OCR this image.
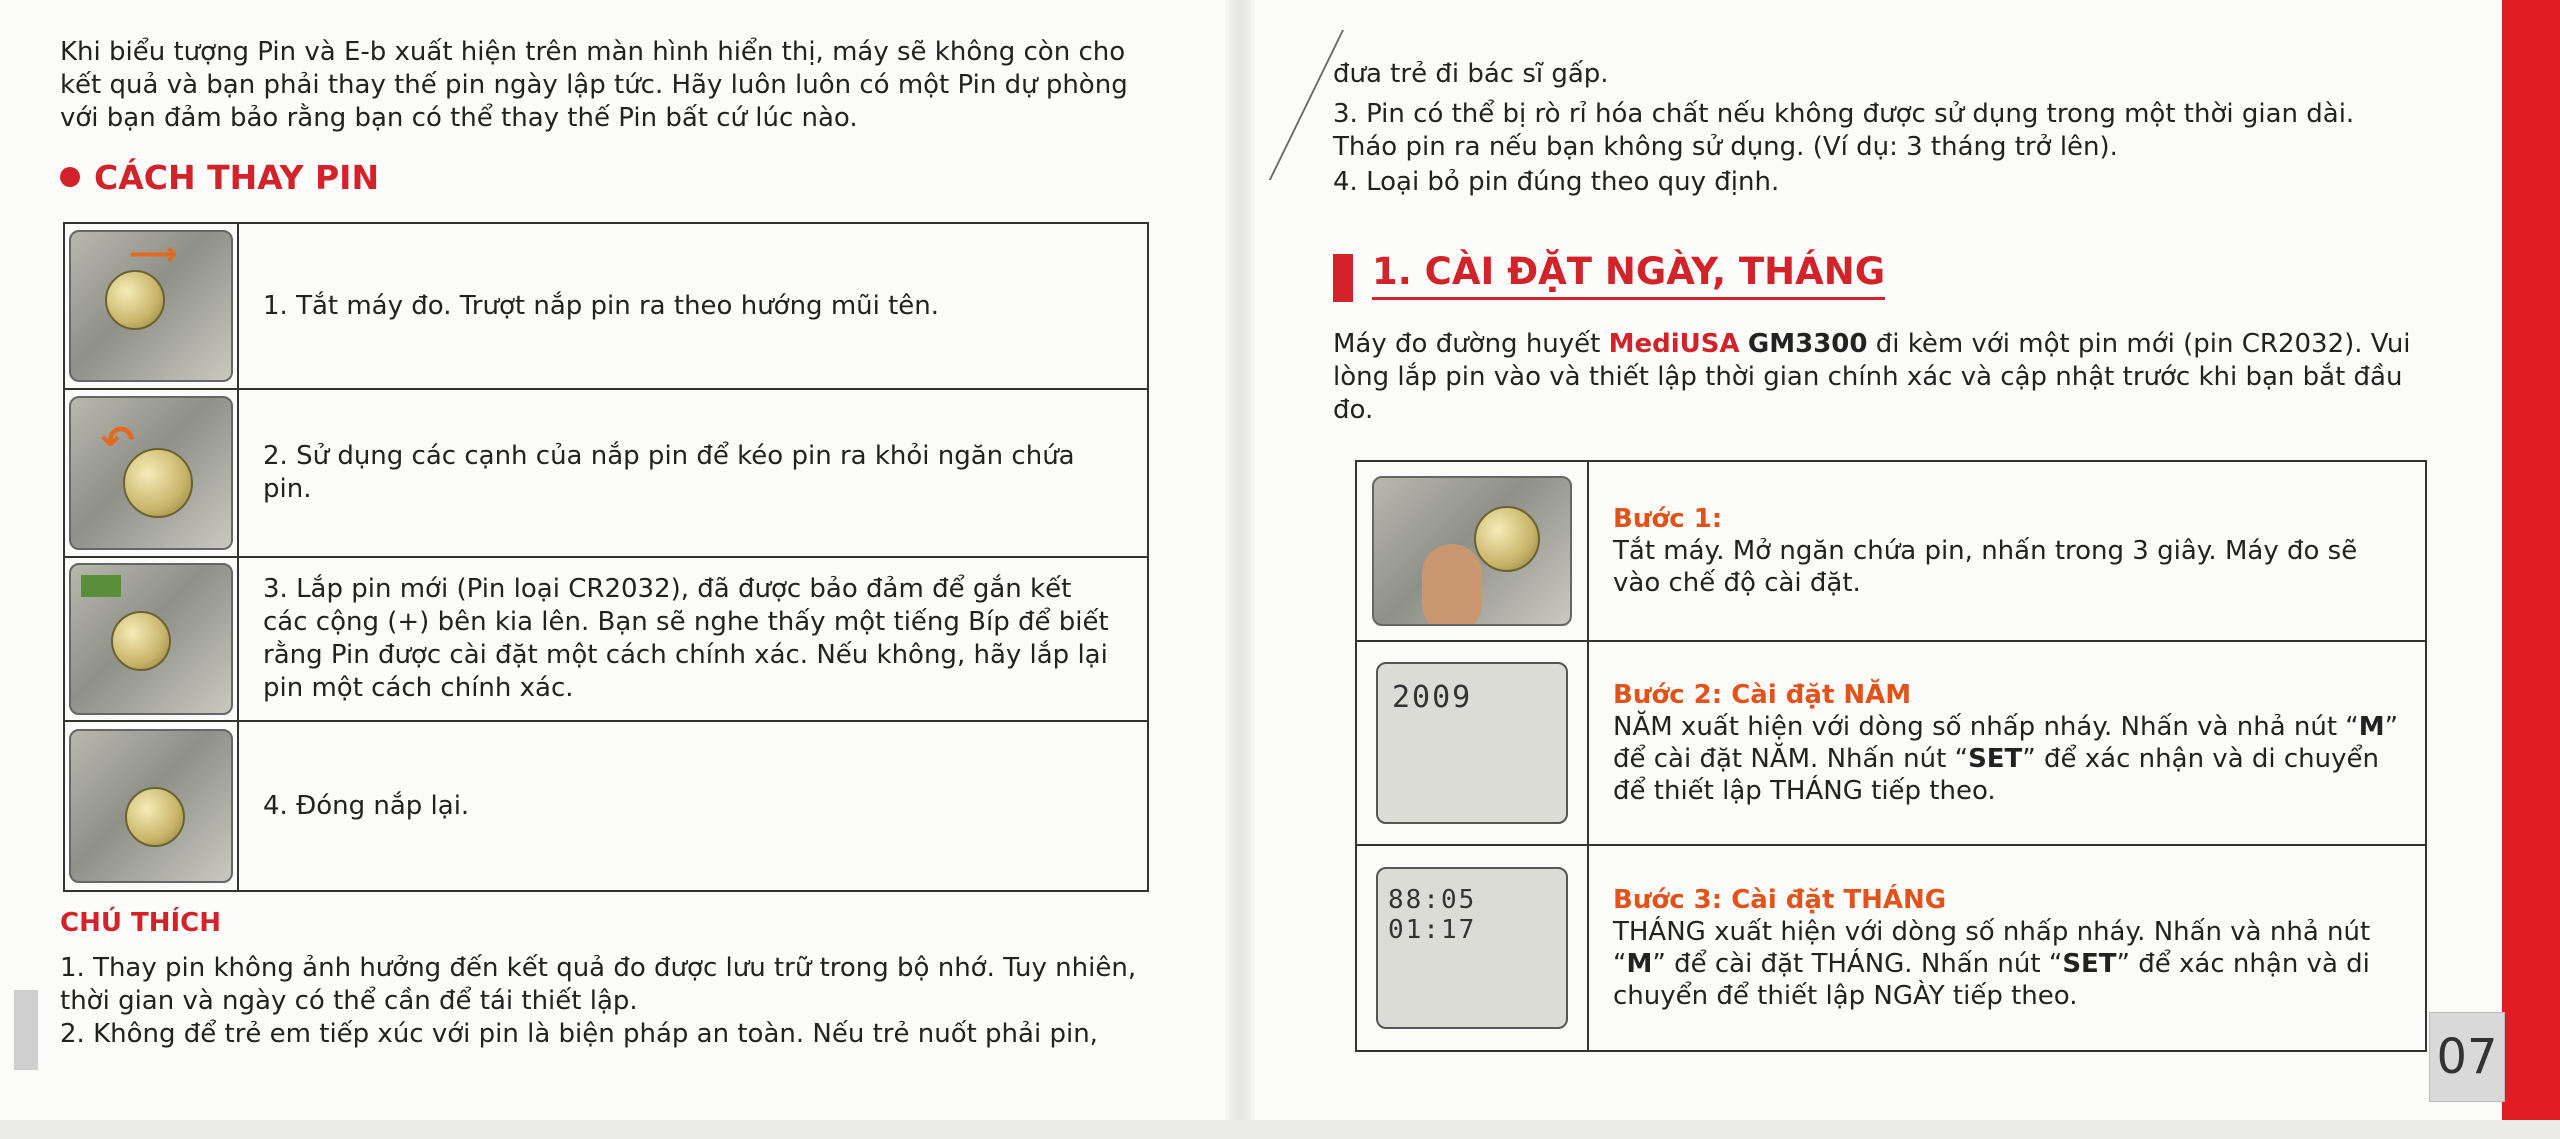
Khi biểu tượng Pin và E-b xuất hiện trên màn hình hiển thị, máy sẽ không còn cho kết quả và bạn phải thay thế pin ngày lập tức. Hãy luôn luôn có một Pin dự phòng với bạn đảm bảo rằng bạn có thể thay thế Pin bất cứ lúc nào.

CÁCH THAY PIN
⟶	1. Tắt máy đo. Trượt nắp pin ra theo hướng mũi tên.

↶	2. Sử dụng các cạnh của nắp pin để kéo pin ra khỏi ngăn chứa pin.

	3. Lắp pin mới (Pin loại CR2032), đã được bảo đảm để gắn kết các cộng (+) bên kia lên. Bạn sẽ nghe thấy một tiếng Bíp để biết rằng Pin được cài đặt một cách chính xác. Nếu không, hãy lắp lại pin một cách chính xác.

	4. Đóng nắp lại.
CHÚ THÍCH

1. Thay pin không ảnh hưởng đến kết quả đo được lưu trữ trong bộ nhớ. Tuy nhiên, thời gian và ngày có thể cần để tái thiết lập.

2. Không để trẻ em tiếp xúc với pin là biện pháp an toàn. Nếu trẻ nuốt phải pin,

đưa trẻ đi bác sĩ gấp.

3. Pin có thể bị rò rỉ hóa chất nếu không được sử dụng trong một thời gian dài. Tháo pin ra nếu bạn không sử dụng. (Ví dụ: 3 tháng trở lên).

4. Loại bỏ pin đúng theo quy định.

1. CÀI ĐẶT NGÀY, THÁNG

Máy đo đường huyết MediUSA GM3300 đi kèm với một pin mới (pin CR2032). Vui lòng lắp pin vào và thiết lập thời gian chính xác và cập nhật trước khi bạn bắt đầu đo.

	Bước 1:
Tắt máy. Mở ngăn chứa pin, nhấn trong 3 giây. Máy đo sẽ vào chế độ cài đặt.

2009	Bước 2: Cài đặt NĂM
NĂM xuất hiện với dòng số nhấp nháy. Nhấn và nhả nút “M” để cài đặt NĂM. Nhấn nút “SET” để xác nhận và di chuyển để thiết lập THÁNG tiếp theo.

88:05 01:17	Bước 3: Cài đặt THÁNG
THÁNG xuất hiện với dòng số nhấp nháy. Nhấn và nhả nút “M” để cài đặt THÁNG. Nhấn nút “SET” để xác nhận và di chuyển để thiết lập NGÀY tiếp theo.
07
